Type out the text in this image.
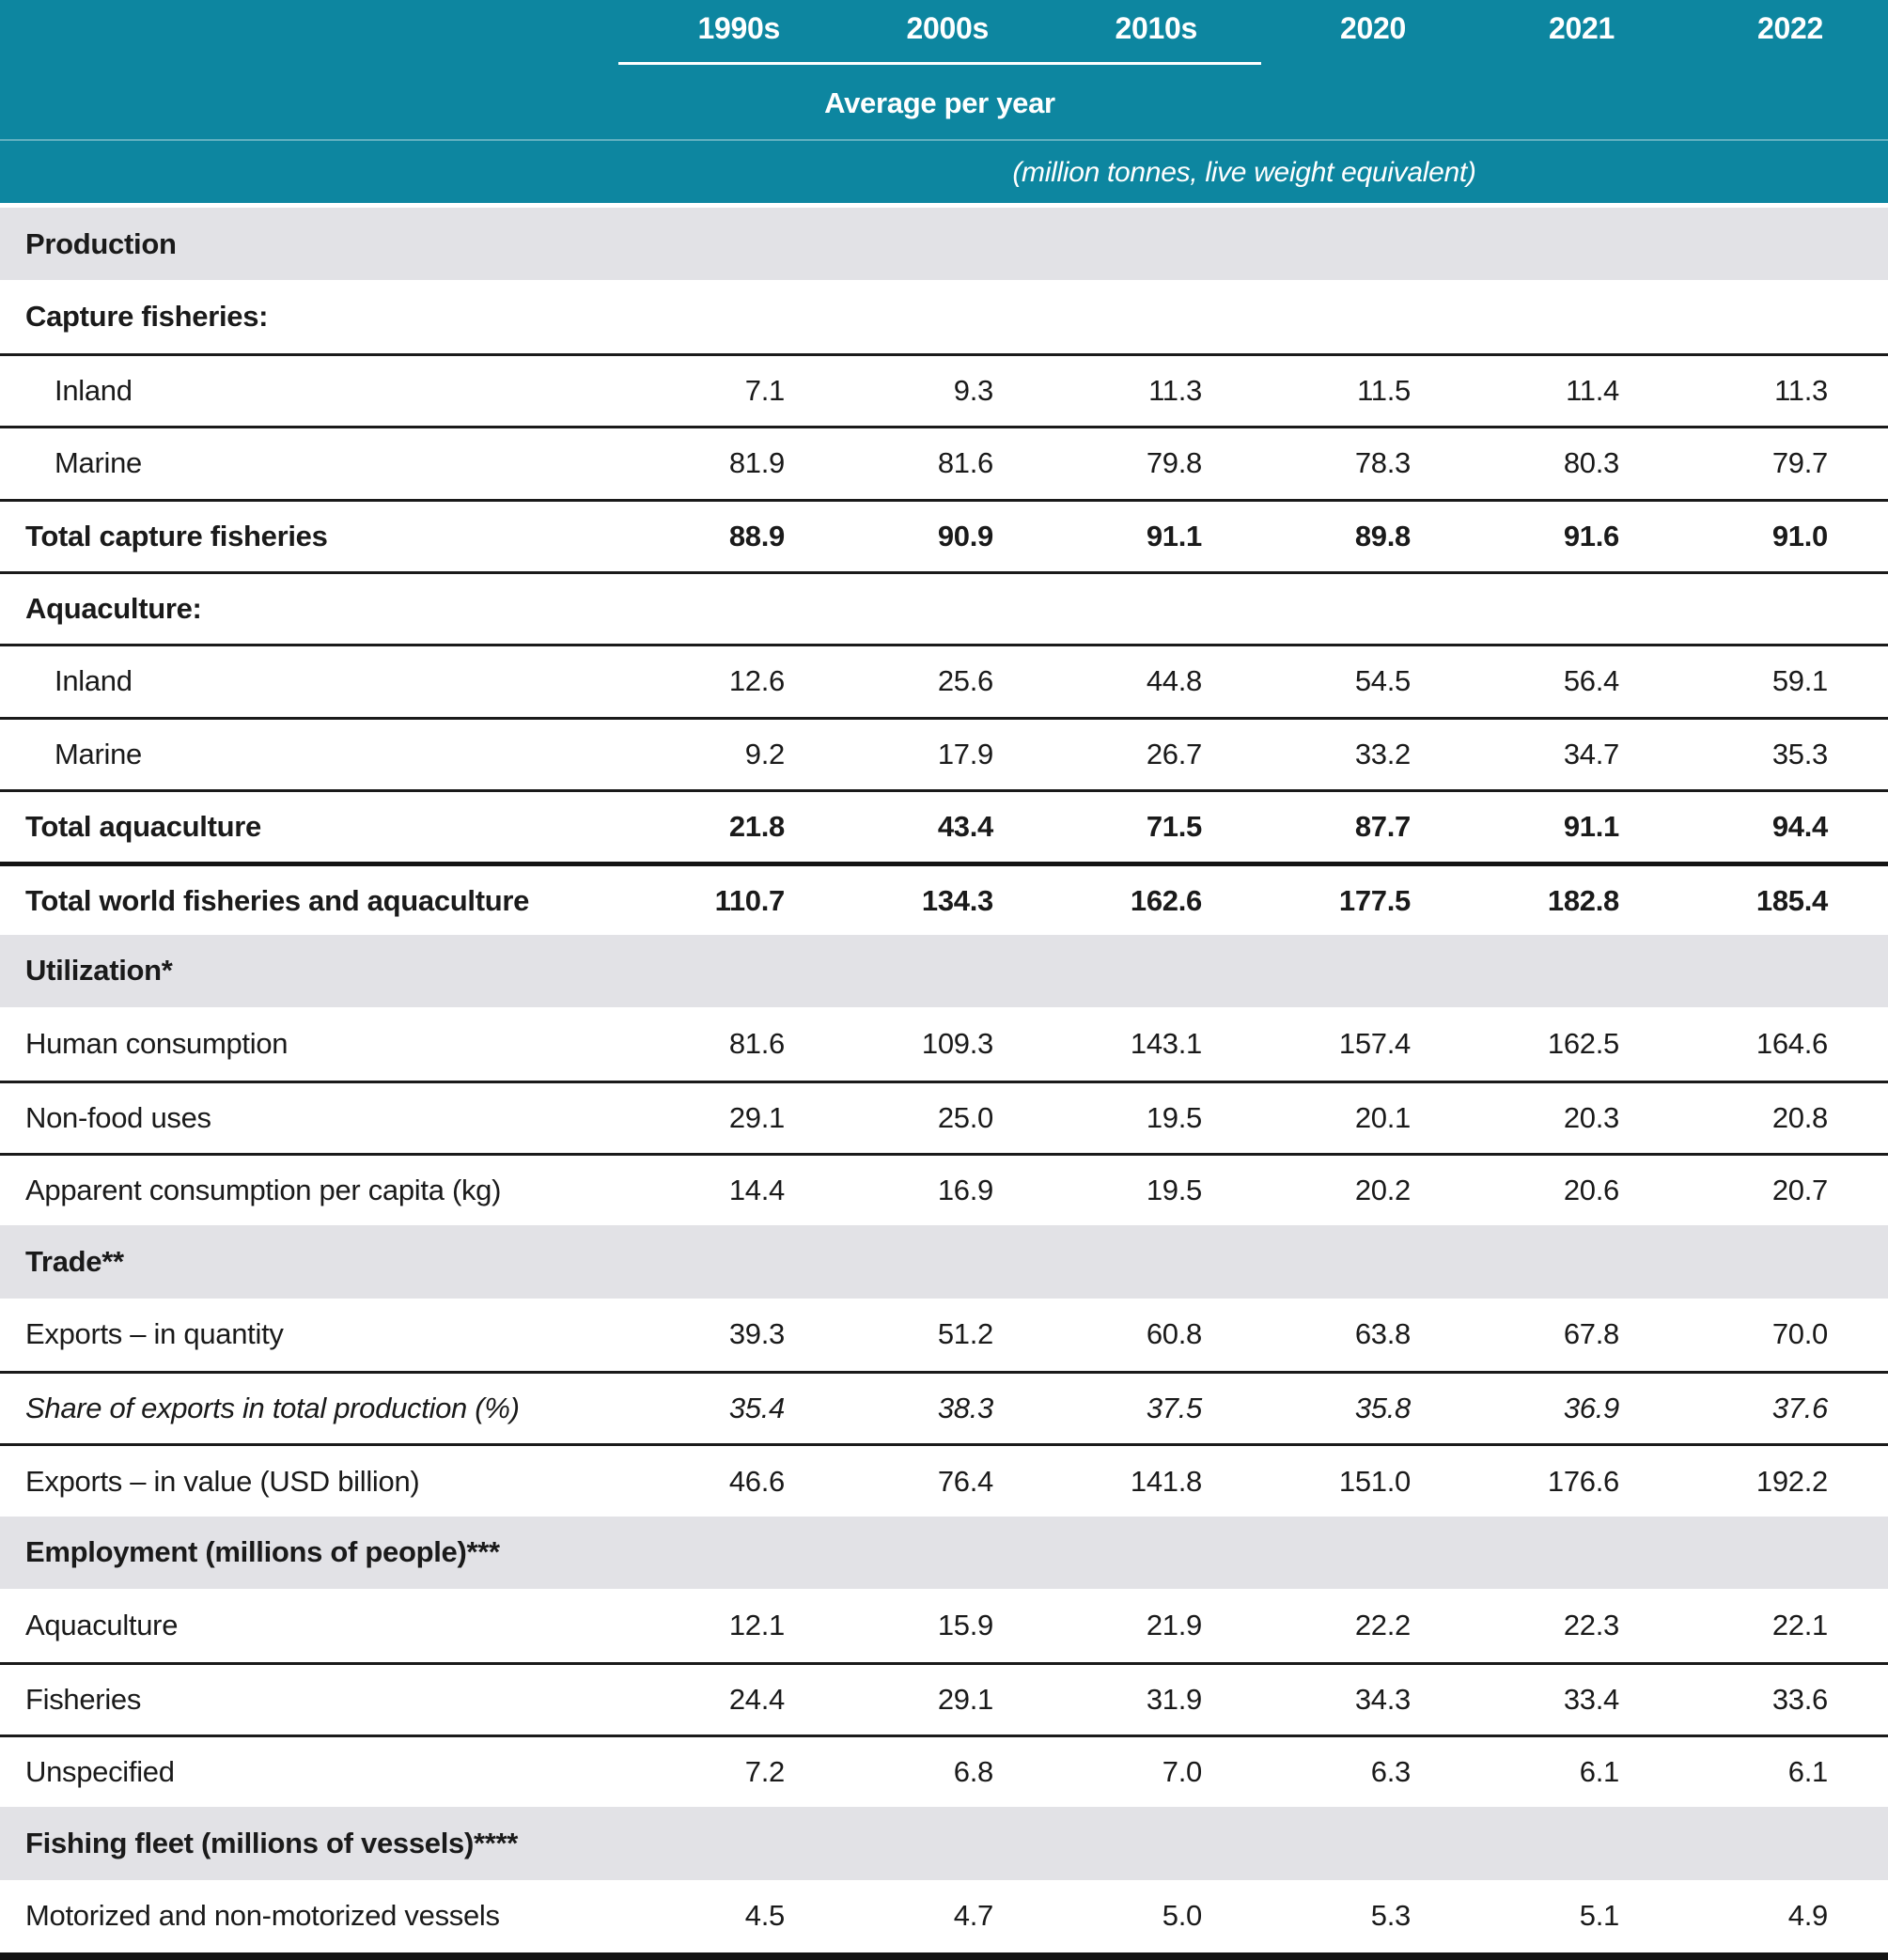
1990s	2000s	2010s	2020	2021	2022
Average per year
(million tonnes, live weight equivalent)
Production
Capture fisheries:
Inland	7.1	9.3	11.3	11.5	11.4	11.3
Marine	81.9	81.6	79.8	78.3	80.3	79.7
Total capture fisheries	88.9	90.9	91.1	89.8	91.6	91.0
Aquaculture:
Inland	12.6	25.6	44.8	54.5	56.4	59.1
Marine	9.2	17.9	26.7	33.2	34.7	35.3
Total aquaculture	21.8	43.4	71.5	87.7	91.1	94.4
Total world fisheries and aquaculture	110.7	134.3	162.6	177.5	182.8	185.4
Utilization*
Human consumption	81.6	109.3	143.1	157.4	162.5	164.6
Non-food uses	29.1	25.0	19.5	20.1	20.3	20.8
Apparent consumption per capita (kg)	14.4	16.9	19.5	20.2	20.6	20.7
Trade**
Exports – in quantity	39.3	51.2	60.8	63.8	67.8	70.0
Share of exports in total production (%)	35.4	38.3	37.5	35.8	36.9	37.6
Exports – in value (USD billion)	46.6	76.4	141.8	151.0	176.6	192.2
Employment (millions of people)***
Aquaculture	12.1	15.9	21.9	22.2	22.3	22.1
Fisheries	24.4	29.1	31.9	34.3	33.4	33.6
Unspecified	7.2	6.8	7.0	6.3	6.1	6.1
Fishing fleet (millions of vessels)****
Motorized and non-motorized vessels	4.5	4.7	5.0	5.3	5.1	4.9
